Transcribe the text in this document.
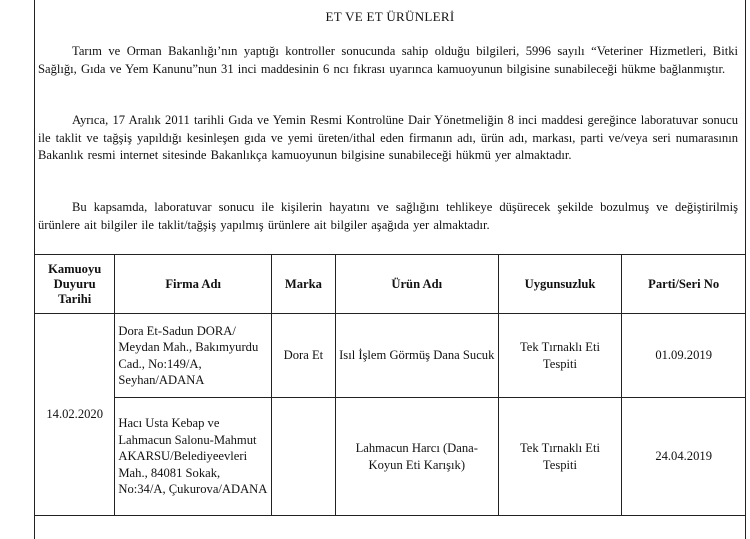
ET VE ET ÜRÜNLERİ

Tarım ve Orman Bakanlığı’nın yaptığı kontroller sonucunda sahip olduğu bilgileri, 5996 sayılı “Veteriner Hizmetleri, Bitki Sağlığı, Gıda ve Yem Kanunu”nun 31 inci maddesinin 6 ncı fıkrası uyarınca kamuoyunun bilgisine sunabileceği hükme bağlanmıştır.

Ayrıca, 17 Aralık 2011 tarihli Gıda ve Yemin Resmi Kontrolüne Dair Yönetmeliğin 8 inci maddesi gereğince laboratuvar sonucu ile taklit ve tağşiş yapıldığı kesinleşen gıda ve yemi üreten/ithal eden firmanın adı, ürün adı, markası, parti ve/veya seri numarasının Bakanlık resmi internet sitesinde Bakanlıkça kamuoyunun bilgisine sunabileceği hükmü yer almaktadır.

Bu kapsamda, laboratuvar sonucu ile kişilerin hayatını ve sağlığını tehlikeye düşürecek şekilde bozulmuş ve değiştirilmiş ürünlere ait bilgiler ile taklit/tağşiş yapılmış ürünlere ait bilgiler aşağıda yer almaktadır.

Kamuoyu Duyuru Tarihi	Firma Adı	Marka	Ürün Adı	Uygunsuzluk	Parti/Seri No
14.02.2020	Dora Et-Sadun DORA/ Meydan Mah., Bakımyurdu Cad., No:149/A, Seyhan/ADANA	Dora Et	Isıl İşlem Görmüş Dana Sucuk	Tek Tırnaklı Eti Tespiti	01.09.2019
	Hacı Usta Kebap ve Lahmacun Salonu-Mahmut AKARSU/Belediyeevleri Mah., 84081 Sokak, No:34/A, Çukurova/ADANA		Lahmacun Harcı (Dana-Koyun Eti Karışık)	Tek Tırnaklı Eti Tespiti	24.04.2019
